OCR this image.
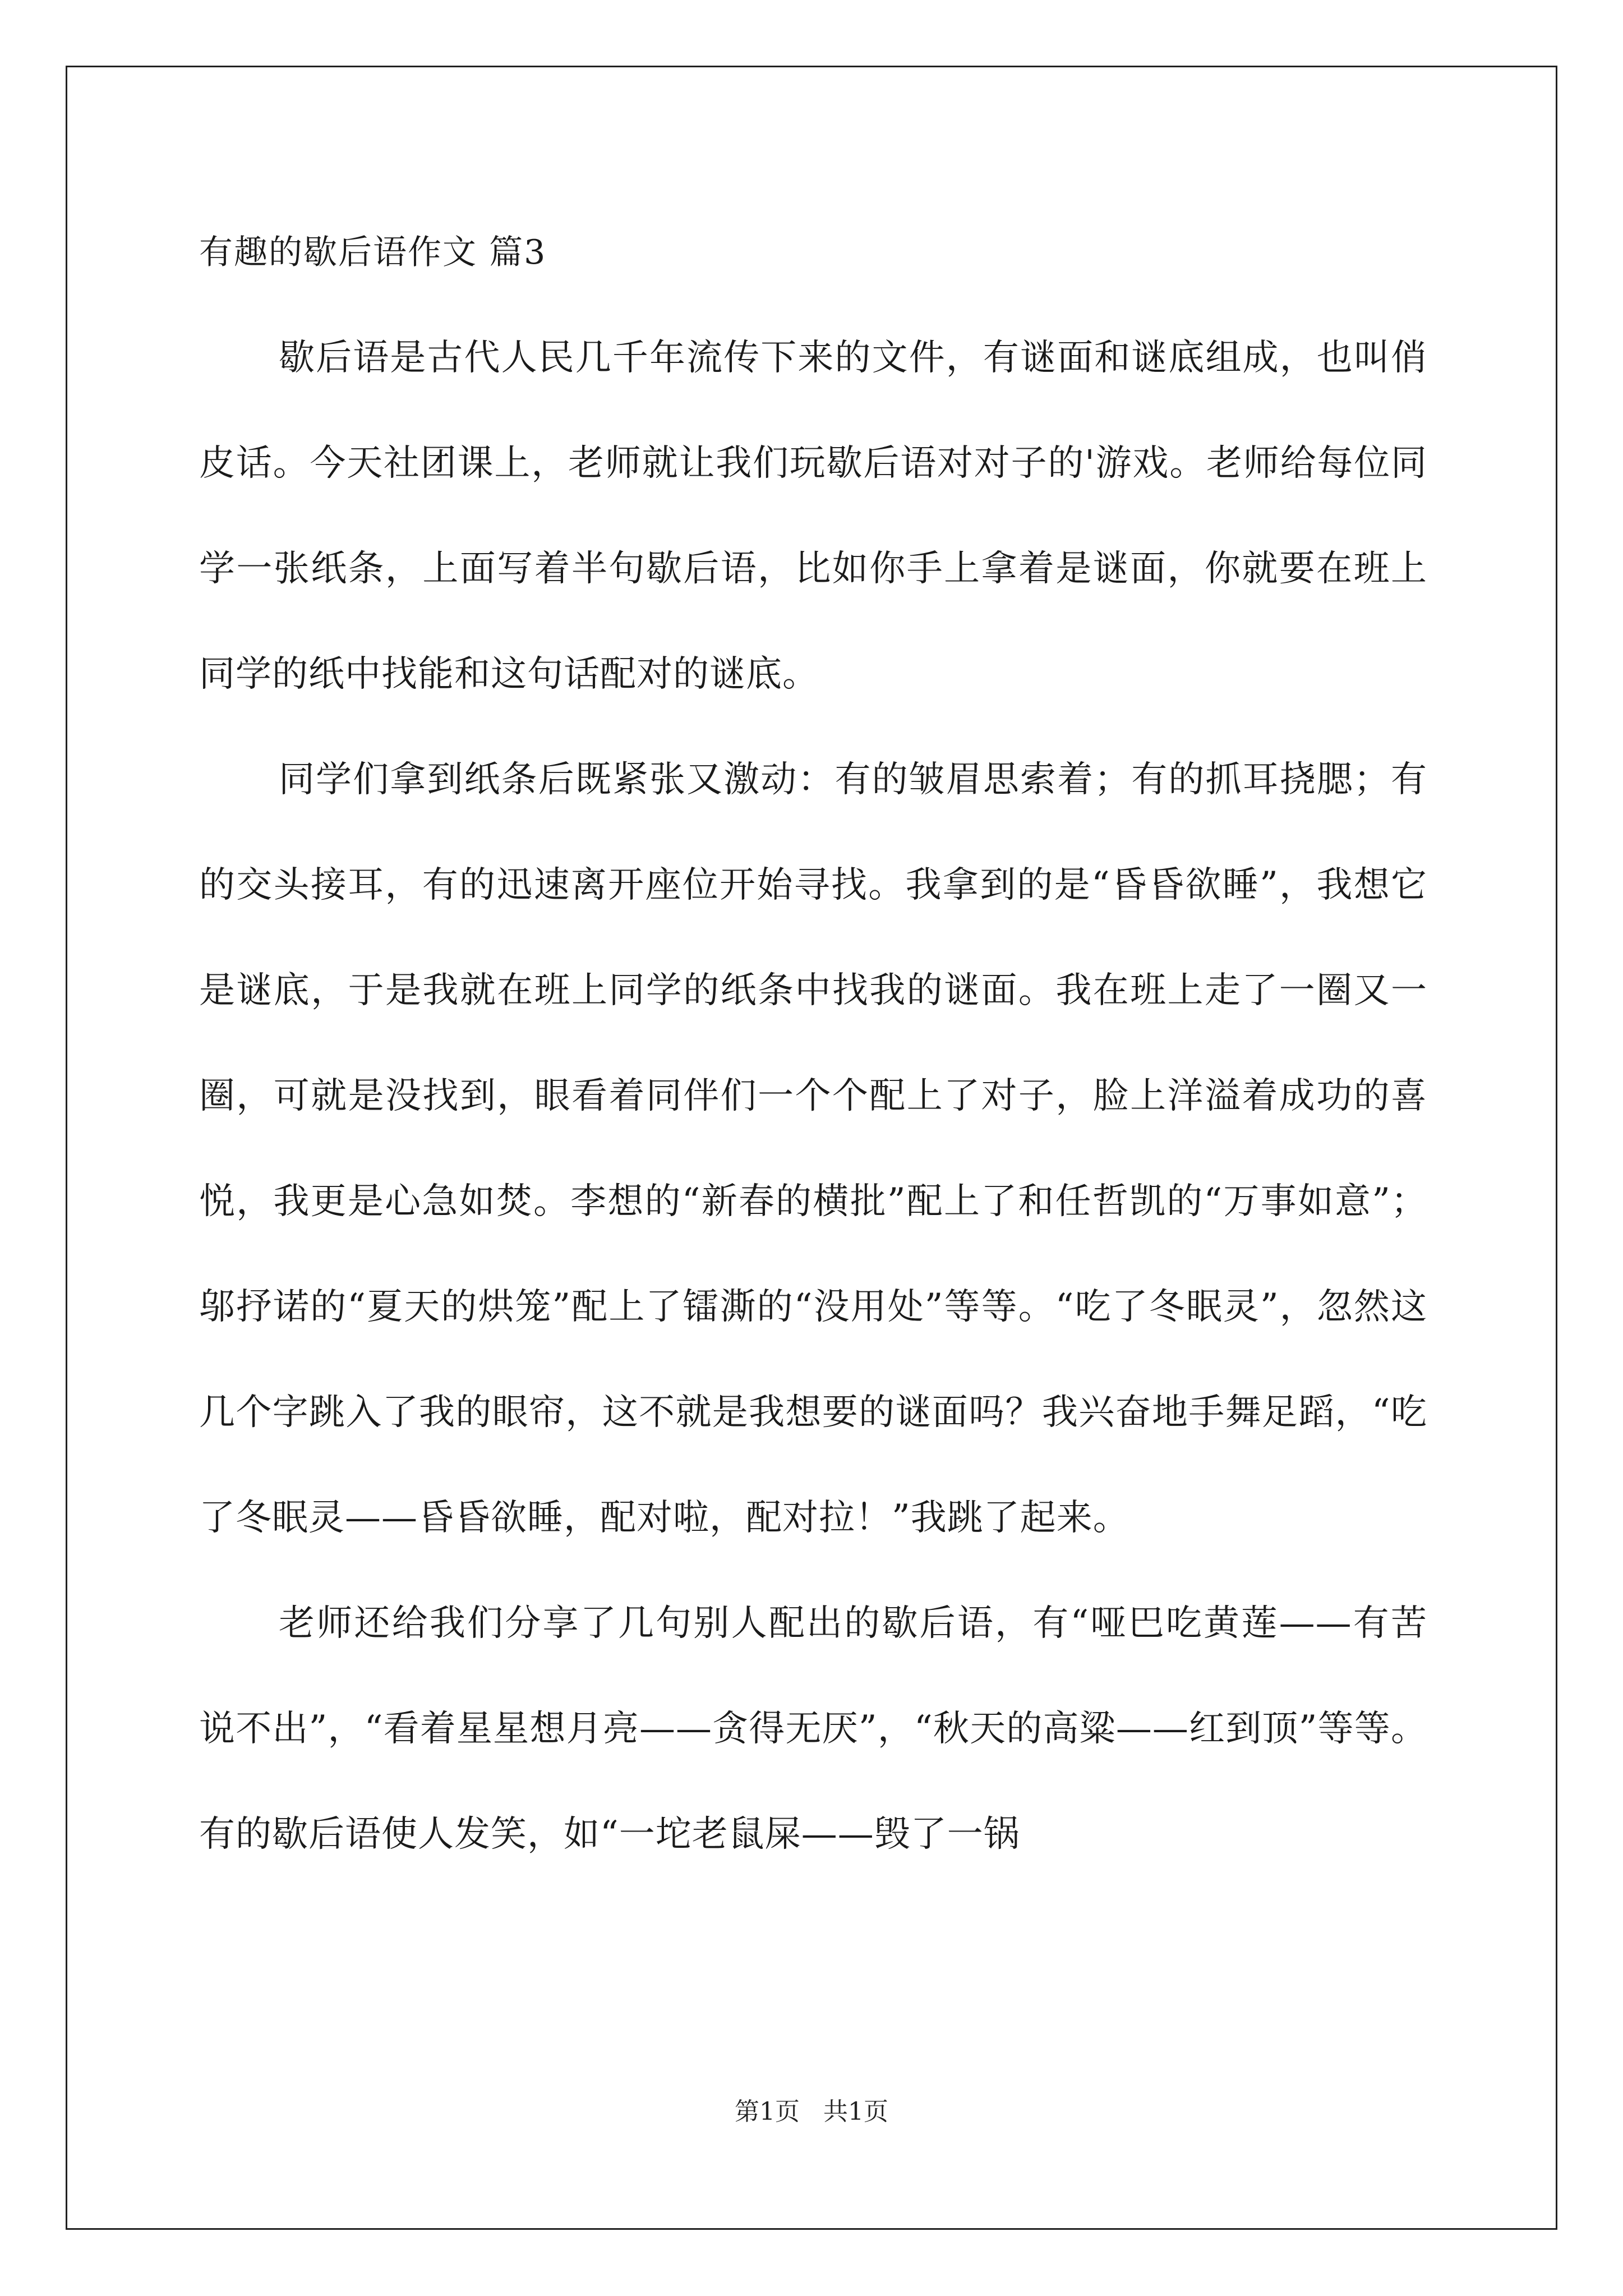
有趣的歇后语作文 篇3

歇后语是古代人民几千年流传下来的文件，有谜面和谜底组成，也叫俏皮话。今天社团课上，老师就让我们玩歇后语对对子的'游戏。老师给每位同学一张纸条，上面写着半句歇后语，比如你手上拿着是谜面，你就要在班上同学的纸中找能和这句话配对的谜底。

同学们拿到纸条后既紧张又激动：有的皱眉思索着；有的抓耳挠腮；有的交头接耳，有的迅速离开座位开始寻找。我拿到的是“昏昏欲睡”，我想它是谜底，于是我就在班上同学的纸条中找我的谜面。我在班上走了一圈又一圈，可就是没找到，眼看着同伴们一个个配上了对子，脸上洋溢着成功的喜悦，我更是心急如焚。李想的“新春的横批”配上了和任哲凯的“万事如意”；邬抒诺的“夏天的烘笼”配上了镭澌的“没用处”等等。“吃了冬眠灵”，忽然这几个字跳入了我的眼帘，这不就是我想要的谜面吗？我兴奋地手舞足蹈，“吃了冬眠灵——昏昏欲睡，配对啦，配对拉！”我跳了起来。

老师还给我们分享了几句别人配出的歇后语，有“哑巴吃黄莲——有苦说不出”，“看着星星想月亮——贪得无厌”，“秋天的高粱——红到顶”等等。有的歇后语使人发笑，如“一坨老鼠屎——毁了一锅

第1页   共1页
